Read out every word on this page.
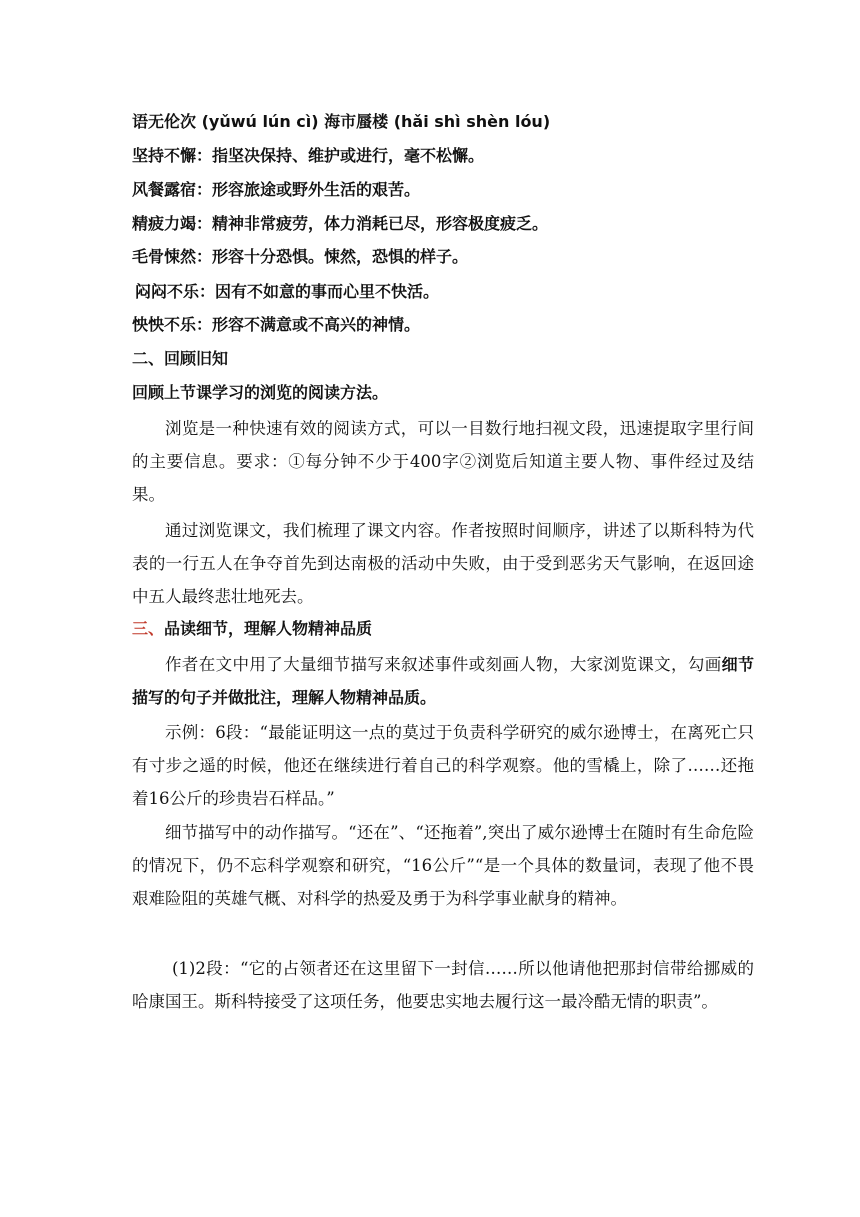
语无伦次 (yǔwú lún cì) 海市蜃楼 (hǎi shì shèn lóu)
坚持不懈：指坚决保持、维护或进行，毫不松懈。
风餐露宿：形容旅途或野外生活的艰苦。
精疲力竭：精神非常疲劳，体力消耗已尽，形容极度疲乏。
毛骨悚然：形容十分恐惧。悚然，恐惧的样子。
闷闷不乐：因有不如意的事而心里不快活。
怏怏不乐：形容不满意或不高兴的神情。
二、回顾旧知
回顾上节课学习的浏览的阅读方法。
浏览是一种快速有效的阅读方式，可以一目数行地扫视文段，迅速提取字里行间的主要信息。要求：①每分钟不少于400字②浏览后知道主要人物、事件经过及结果。
通过浏览课文，我们梳理了课文内容。作者按照时间顺序，讲述了以斯科特为代表的一行五人在争夺首先到达南极的活动中失败，由于受到恶劣天气影响，在返回途中五人最终悲壮地死去。
三、品读细节，理解人物精神品质
作者在文中用了大量细节描写来叙述事件或刻画人物，大家浏览课文，勾画细节描写的句子并做批注，理解人物精神品质。
示例：6段：“最能证明这一点的莫过于负责科学研究的威尔逊博士，在离死亡只有寸步之遥的时候，他还在继续进行着自己的科学观察。他的雪橇上，除了……还拖着16公斤的珍贵岩石样品。”
细节描写中的动作描写。“还在”、“还拖着”,突出了威尔逊博士在随时有生命危险的情况下，仍不忘科学观察和研究，“16公斤”“是一个具体的数量词，表现了他不畏艰难险阻的英雄气概、对科学的热爱及勇于为科学事业献身的精神。
(1)2段：“它的占领者还在这里留下一封信……所以他请他把那封信带给挪威的哈康国王。斯科特接受了这项任务，他要忠实地去履行这一最冷酷无情的职责”。
